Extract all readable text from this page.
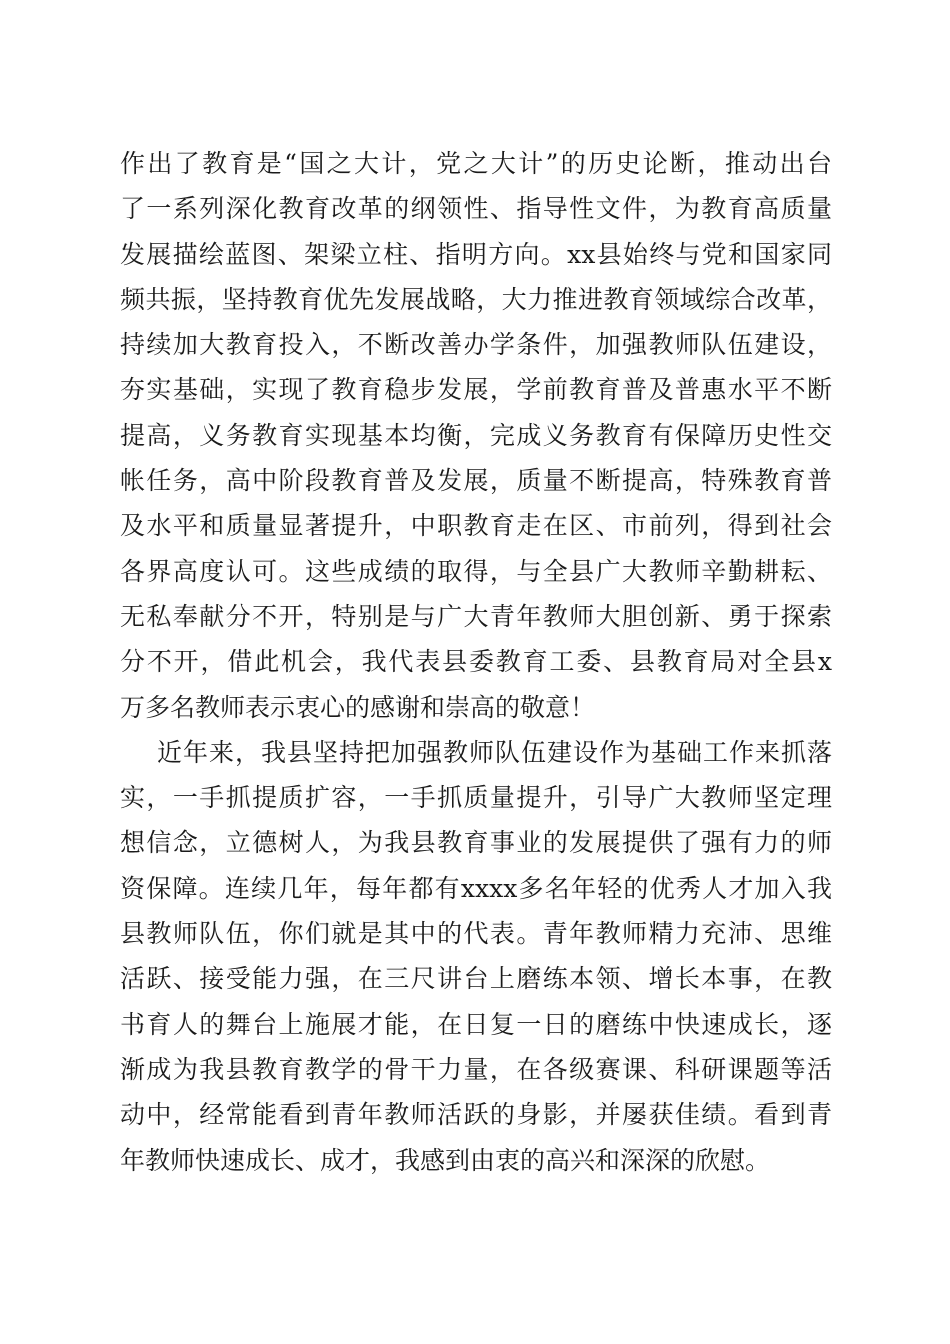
作出了教育是“国之大计，党之大计”的历史论断，推动出台
了一系列深化教育改革的纲领性、指导性文件，为教育高质量
发展描绘蓝图、架梁立柱、指明方向。xx县始终与党和国家同
频共振，坚持教育优先发展战略，大力推进教育领域综合改革，
持续加大教育投入，不断改善办学条件，加强教师队伍建设，
夯实基础，实现了教育稳步发展，学前教育普及普惠水平不断
提高，义务教育实现基本均衡，完成义务教育有保障历史性交
帐任务，高中阶段教育普及发展，质量不断提高，特殊教育普
及水平和质量显著提升，中职教育走在区、市前列，得到社会
各界高度认可。这些成绩的取得，与全县广大教师辛勤耕耘、
无私奉献分不开，特别是与广大青年教师大胆创新、勇于探索
分不开，借此机会，我代表县委教育工委、县教育局对全县x
万多名教师表示衷心的感谢和崇高的敬意！
近年来，我县坚持把加强教师队伍建设作为基础工作来抓落
实，一手抓提质扩容，一手抓质量提升，引导广大教师坚定理
想信念，立德树人，为我县教育事业的发展提供了强有力的师
资保障。连续几年，每年都有xxxx多名年轻的优秀人才加入我
县教师队伍，你们就是其中的代表。青年教师精力充沛、思维
活跃、接受能力强，在三尺讲台上磨练本领、增长本事，在教
书育人的舞台上施展才能，在日复一日的磨练中快速成长，逐
渐成为我县教育教学的骨干力量，在各级赛课、科研课题等活
动中，经常能看到青年教师活跃的身影，并屡获佳绩。看到青
年教师快速成长、成才，我感到由衷的高兴和深深的欣慰。
